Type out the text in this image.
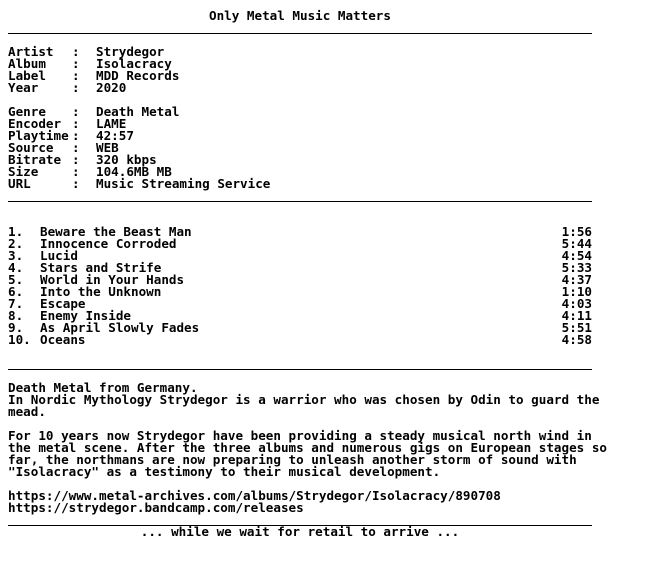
Only Metal Music Matters
Artist	:	Strydegor
Album	:	Isolacracy
Label	:	MDD Records
Year	:	2020
Genre	:	Death Metal
Encoder :	LAME
Playtime :	42:57
Source	:	WEB
Bitrate :	320 kbps
Size	:	104.6MB MB
URL	:	Music Streaming Service
1.	Beware the Beast Man	1:56
2.	Innocence Corroded	5:44
3.	Lucid	4:54
4.	Stars and Strife	5:33
5.	World in Your Hands	4:37
6.	Into the Unknown	1:10
7.	Escape	4:03
8.	Enemy Inside	4:11
9.	As April Slowly Fades	5:51
10. Oceans	4:58
Death Metal from Germany.
In Nordic Mythology Strydegor is a warrior who was chosen by Odin to guard the
mead.
For 10 years now Strydegor have been providing a steady musical north wind in
the metal scene. After the three albums and numerous gigs on European stages so
far, the northmans are now preparing to unleash another storm of sound with
"Isolacracy" as a testimony to their musical development.
https://www.metal-archives.com/albums/Strydegor/Isolacracy/890708
https://strydegor.bandcamp.com/releases
... while we wait for retail to arrive ...
